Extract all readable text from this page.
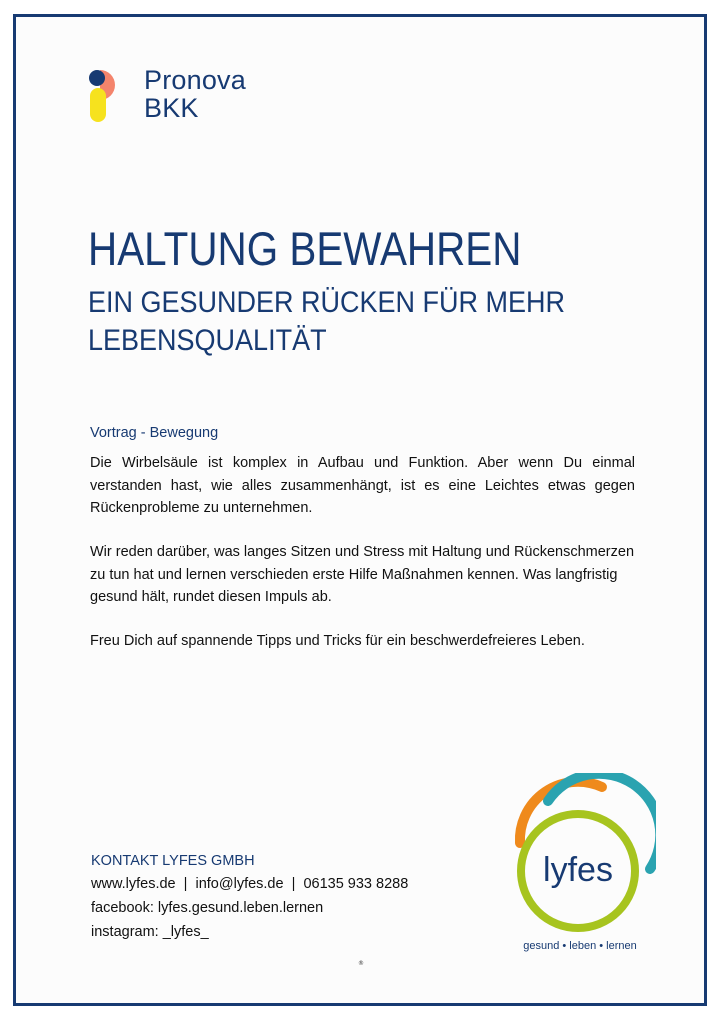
Pronova
BKK
HALTUNG BEWAHREN
EIN GESUNDER RÜCKEN FÜR MEHR LEBENSQUALITÄT
Vortrag - Bewegung

Die Wirbelsäule ist komplex in Aufbau und Funktion. Aber wenn Du einmal verstanden hast, wie alles zusammenhängt, ist es eine Leichtes etwas gegen Rückenprobleme zu unternehmen.

Wir reden darüber, was langes Sitzen und Stress mit Haltung und Rückenschmerzen zu tun hat und lernen verschieden erste Hilfe Maßnahmen kennen. Was langfristig gesund hält, rundet diesen Impuls ab.

Freu Dich auf spannende Tipps und Tricks für ein beschwerdefreieres Leben.

KONTAKT LYFES GMBH
www.lyfes.de  |  info@lyfes.de  |  06135 933 8288
facebook: lyfes.gesund.leben.lernen
instagram: _lyfes_
lyfes
gesund • leben • lernen
®
